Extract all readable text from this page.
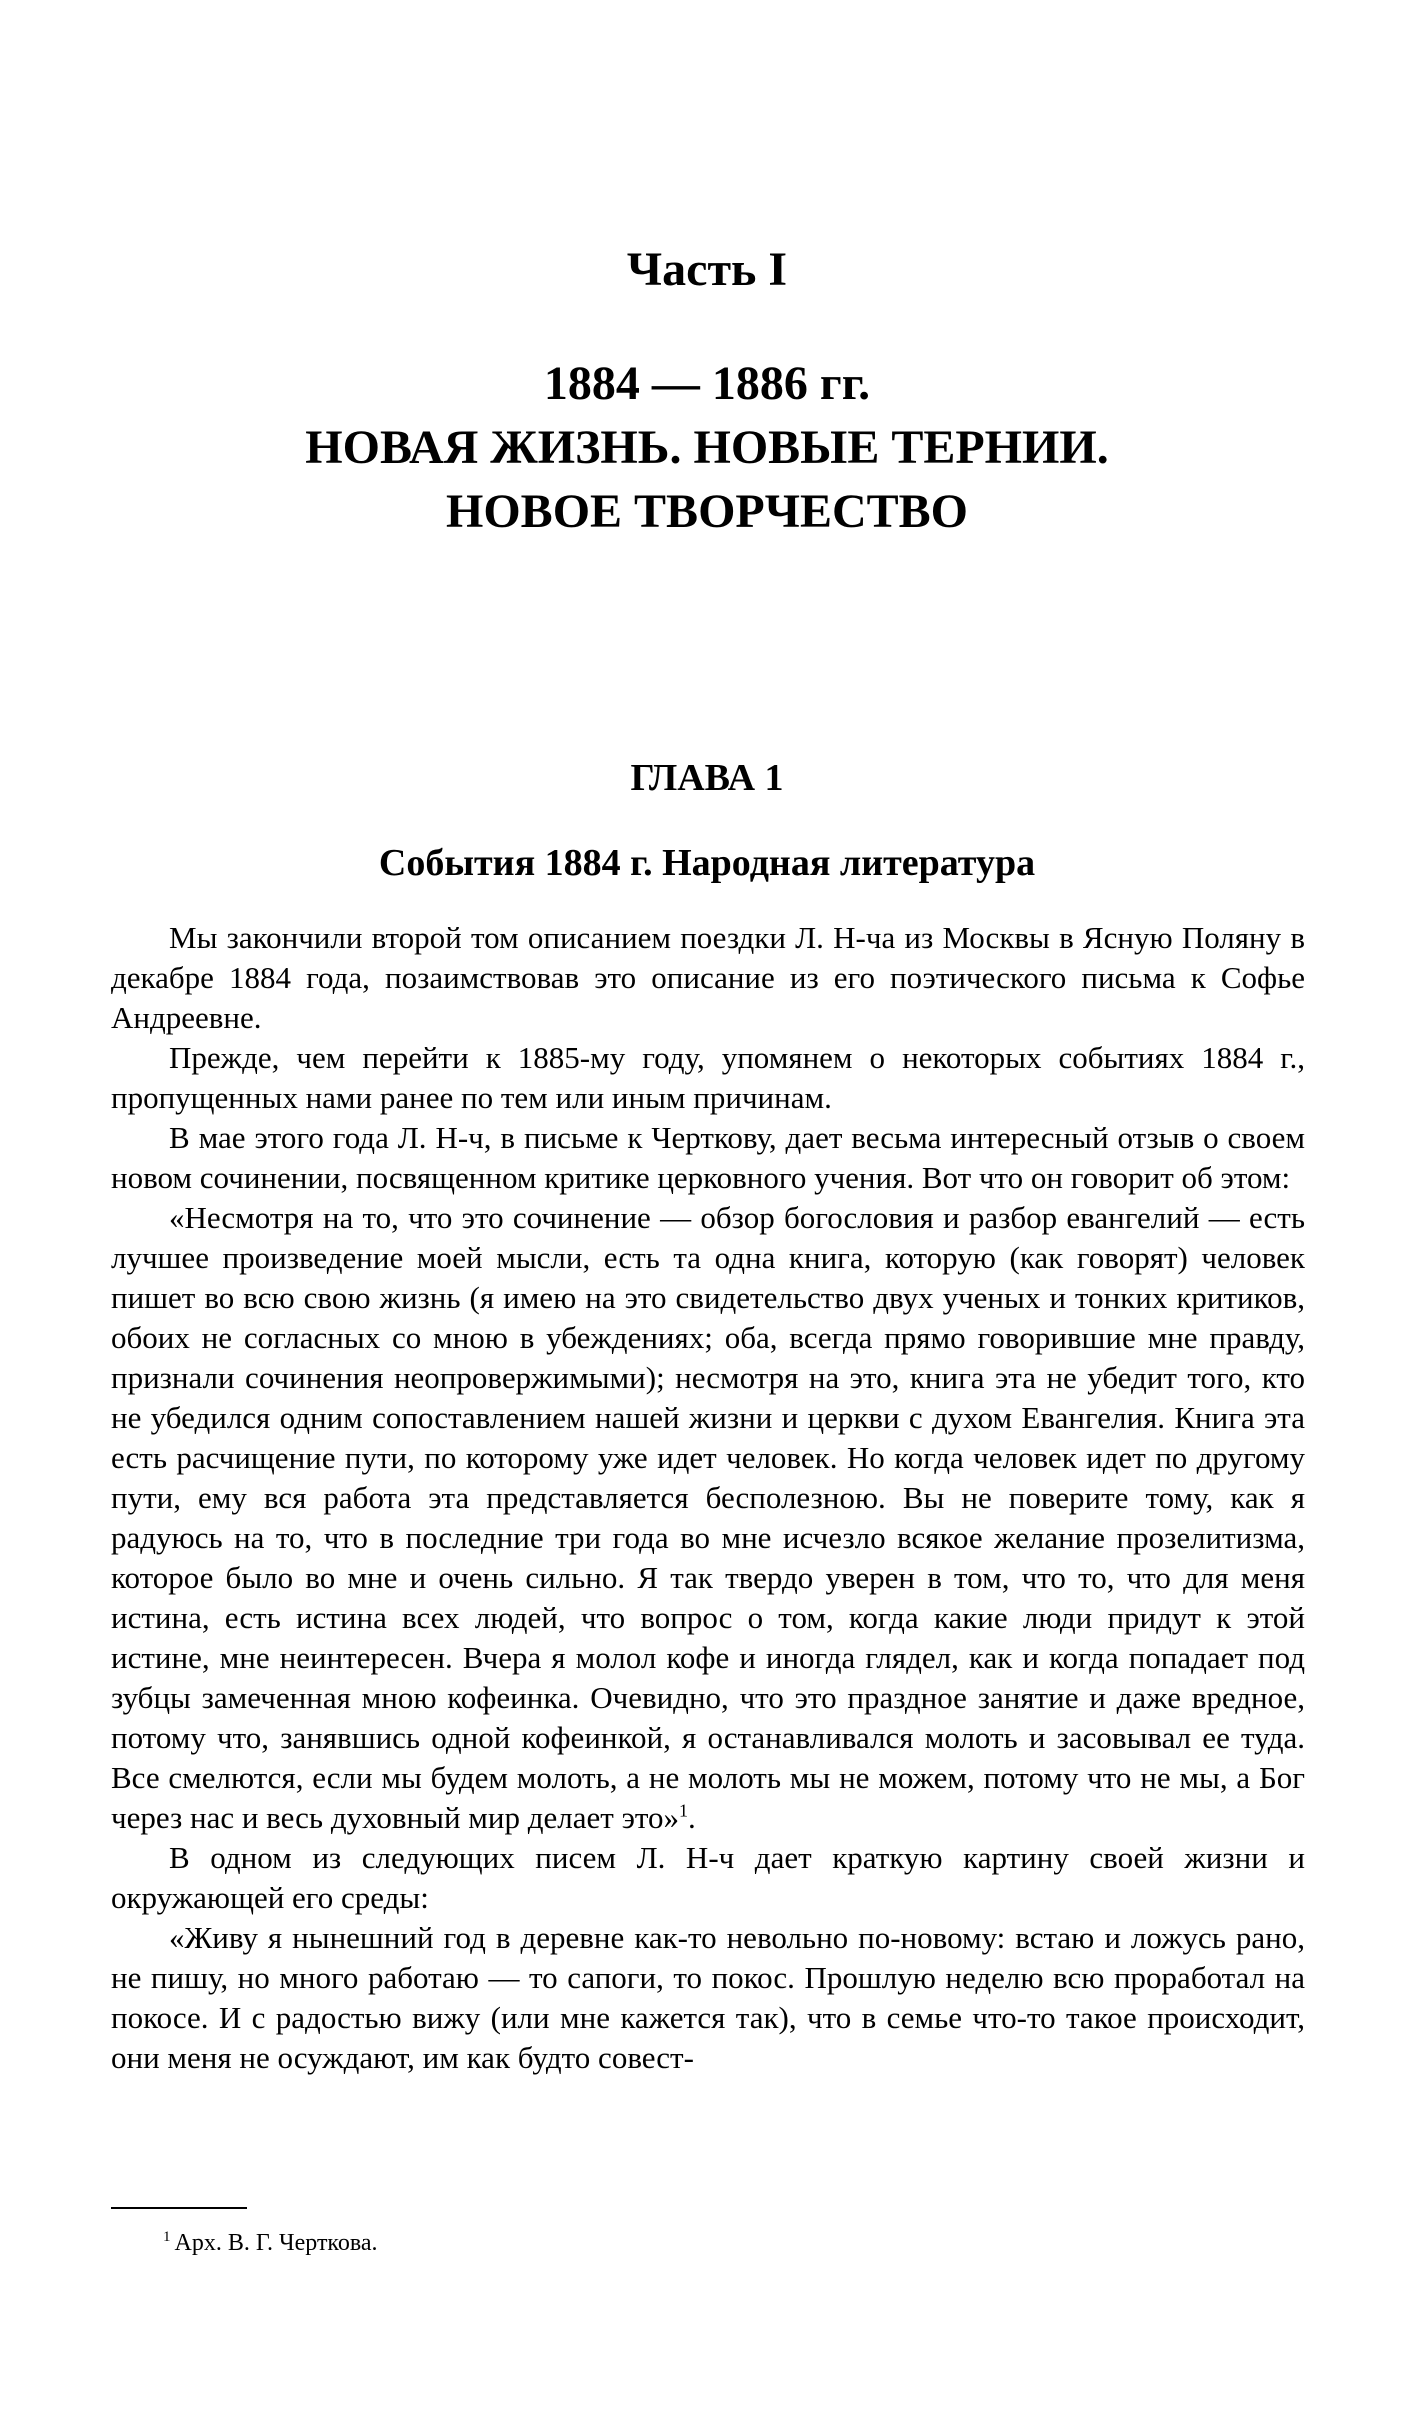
Часть I
1884 — 1886 гг.
НОВАЯ ЖИЗНЬ. НОВЫЕ ТЕРНИИ.
НОВОЕ ТВОРЧЕСТВО
ГЛАВА 1
События 1884 г. Народная литература

Мы закончили второй том описанием поездки Л. Н-ча из Москвы в Ясную Поляну в декабре 1884 года, позаимствовав это описание из его поэтического письма к Софье Андреевне.

Прежде, чем перейти к 1885-му году, упомянем о некоторых событиях 1884 г., пропущенных нами ранее по тем или иным причинам.

В мае этого года Л. Н-ч, в письме к Черткову, дает весьма интересный отзыв о своем новом сочинении, посвященном критике церковного учения. Вот что он говорит об этом:

«Несмотря на то, что это сочинение — обзор богословия и разбор евангелий — есть лучшее произведение моей мысли, есть та одна книга, которую (как говорят) человек пишет во всю свою жизнь (я имею на это свидетельство двух ученых и тонких критиков, обоих не согласных со мною в убеждениях; оба, всегда прямо говорившие мне правду, признали сочинения неопровержимыми); несмотря на это, книга эта не убедит того, кто не убедился одним сопоставлением нашей жизни и церкви с духом Евангелия. Книга эта есть расчищение пути, по которому уже идет человек. Но когда человек идет по другому пути, ему вся работа эта представляется бесполезною. Вы не поверите тому, как я радуюсь на то, что в последние три года во мне исчезло всякое желание прозелитизма, которое было во мне и очень сильно. Я так твердо уверен в том, что то, что для меня истина, есть истина всех людей, что вопрос о том, когда какие люди придут к этой истине, мне неинтересен. Вчера я молол кофе и иногда глядел, как и когда попадает под зубцы замеченная мною кофеинка. Очевидно, что это праздное занятие и даже вредное, потому что, занявшись одной кофеинкой, я останавливался молоть и засовывал ее туда. Все смелются, если мы будем молоть, а не молоть мы не можем, потому что не мы, а Бог через нас и весь духовный мир делает это»$^1$.

В одном из следующих писем Л. Н-ч дает краткую картину своей жизни и окружающей его среды:

«Живу я нынешний год в деревне как-то невольно по-новому: встаю и ложусь рано, не пишу, но много работаю — то сапоги, то покос. Прошлую неделю всю проработал на покосе. И с радостью вижу (или мне кажется так), что в семье что-то такое происходит, они меня не осуждают, им как будто совест-

$^1$ Арх. В. Г. Черткова.
